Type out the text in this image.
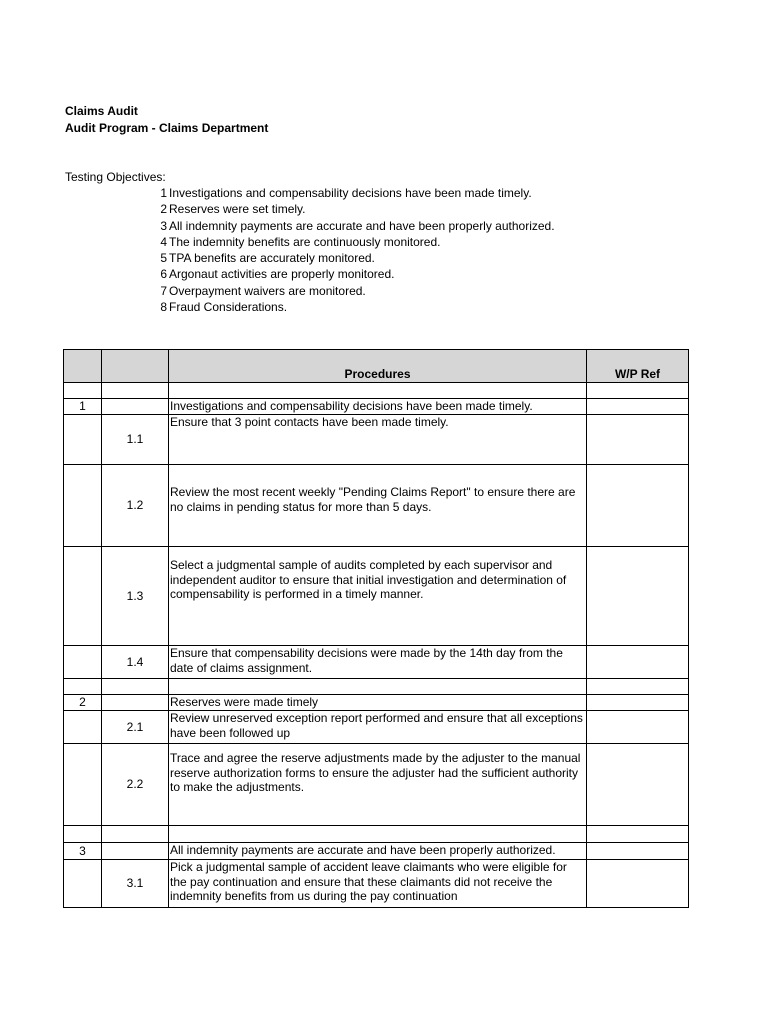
Claims Audit
Audit Program - Claims Department
Testing Objectives:
1 Investigations and compensability decisions have been made timely.
2 Reserves were set timely.
3 All indemnity payments are accurate and have been properly authorized.
4 The indemnity benefits are continuously monitored.
5 TPA benefits are accurately monitored.
6 Argonaut activities are properly monitored.
7 Overpayment waivers are monitored.
8 Fraud Considerations.
		Procedures	W/P Ref

1		Investigations and compensability decisions have been made timely.	
	1.1	Ensure that 3 point contacts have been made timely.	
	1.2	Review the most recent weekly "Pending Claims Report" to ensure there are no claims in pending status for more than 5 days.	
	1.3	Select a judgmental sample of audits completed by each supervisor and independent auditor to ensure that initial investigation and determination of compensability is performed in a timely manner.	
	1.4	Ensure that compensability decisions were made by the 14th day from the date of claims assignment.	

2		Reserves were made timely	
	2.1	Review unreserved exception report performed and ensure that all exceptions have been followed up	
	2.2	Trace and agree the reserve adjustments made by the adjuster to the manual reserve authorization forms to ensure the adjuster had the sufficient authority to make the adjustments.	

3		All indemnity payments are accurate and have been properly authorized.	
	3.1	Pick a judgmental sample of accident leave claimants who were eligible for the pay continuation and ensure that these claimants did not receive the indemnity benefits from us during the pay continuation	
